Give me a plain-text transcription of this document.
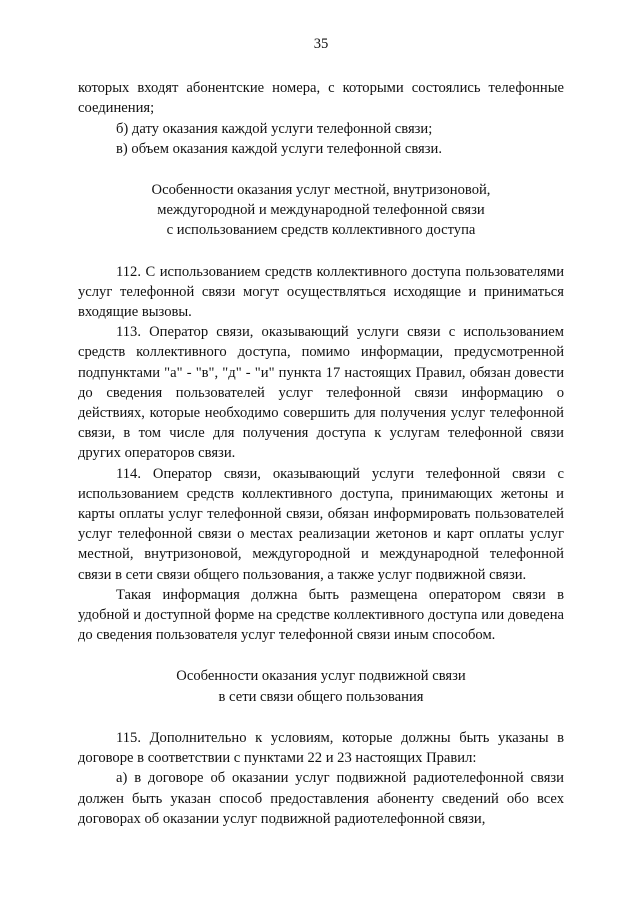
35

которых входят абонентские номера, с которыми состоялись телефонные соединения;

б) дату оказания каждой услуги телефонной связи;

в) объем оказания каждой услуги телефонной связи.

Особенности оказания услуг местной, внутризоновой,
междугородной и международной телефонной связи
с использованием средств коллективного доступа

112. С использованием средств коллективного доступа пользователями услуг телефонной связи могут осуществляться исходящие и приниматься входящие вызовы.

113. Оператор связи, оказывающий услуги связи с использованием средств коллективного доступа, помимо информации, предусмотренной подпунктами "а" - "в", "д" - "и" пункта 17 настоящих Правил, обязан довести до сведения пользователей услуг телефонной связи информацию о действиях, которые необходимо совершить для получения услуг телефонной связи, в том числе для получения доступа к услугам телефонной связи других операторов связи.

114. Оператор связи, оказывающий услуги телефонной связи с использованием средств коллективного доступа, принимающих жетоны и карты оплаты услуг телефонной связи, обязан информировать пользователей услуг телефонной связи о местах реализации жетонов и карт оплаты услуг местной, внутризоновой, междугородной и международной телефонной связи в сети связи общего пользования, а также услуг подвижной связи.

Такая информация должна быть размещена оператором связи в удобной и доступной форме на средстве коллективного доступа или доведена до сведения пользователя услуг телефонной связи иным способом.

Особенности оказания услуг подвижной связи
в сети связи общего пользования

115. Дополнительно к условиям, которые должны быть указаны в договоре в соответствии с пунктами 22 и 23 настоящих Правил:

а) в договоре об оказании услуг подвижной радиотелефонной связи должен быть указан способ предоставления абоненту сведений обо всех договорах об оказании услуг подвижной радиотелефонной связи,
